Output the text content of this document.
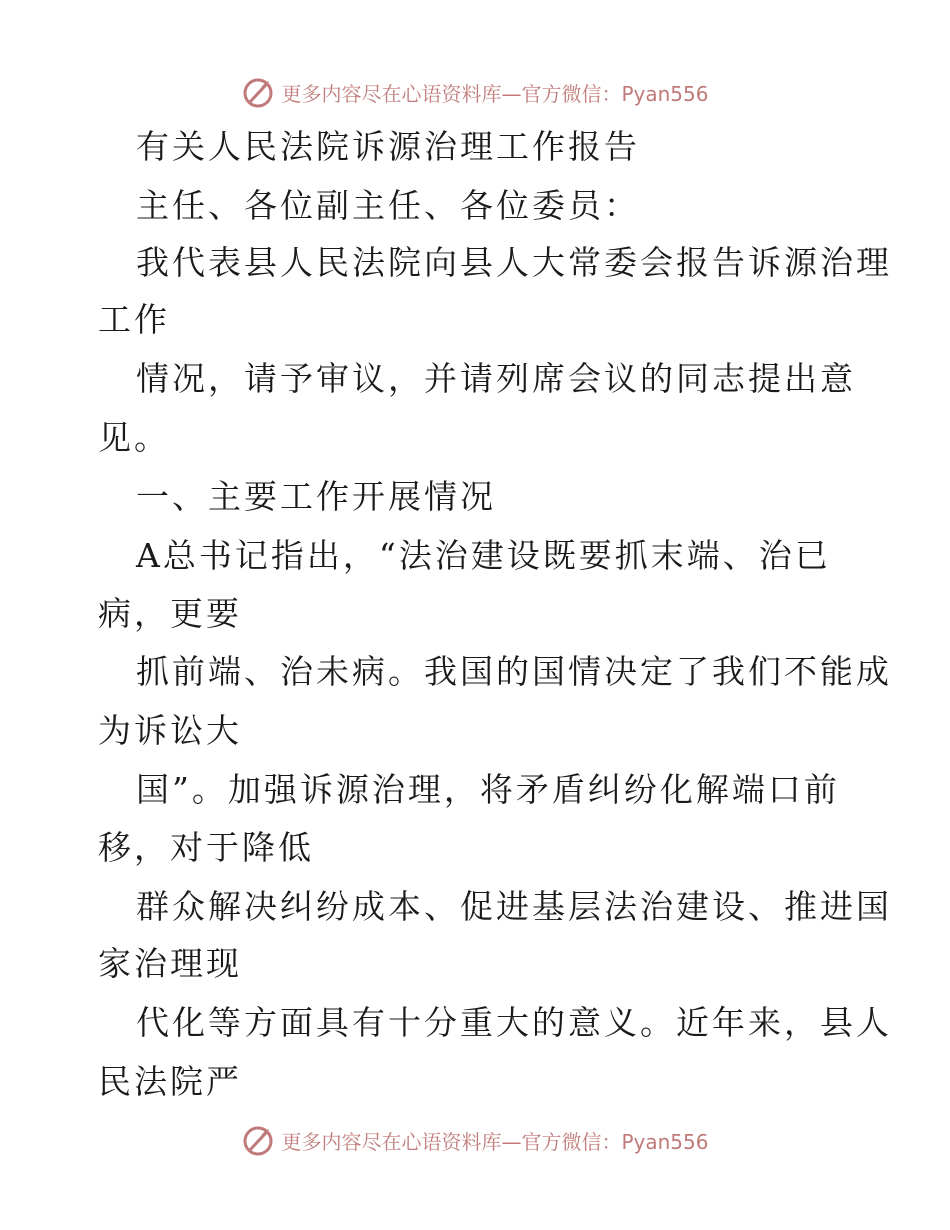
更多内容尽在心语资料库—官方微信：Pyan556
有关人民法院诉源治理工作报告
主任、各位副主任、各位委员：
我代表县人民法院向县人大常委会报告诉源治理
工作
情况，请予审议，并请列席会议的同志提出意
见。
一、主要工作开展情况
A总书记指出，“法治建设既要抓末端、治已
病，更要
抓前端、治未病。我国的国情决定了我们不能成
为诉讼大
国”。加强诉源治理，将矛盾纠纷化解端口前
移，对于降低
群众解决纠纷成本、促进基层法治建设、推进国
家治理现
代化等方面具有十分重大的意义。近年来，县人
民法院严
更多内容尽在心语资料库—官方微信：Pyan556
